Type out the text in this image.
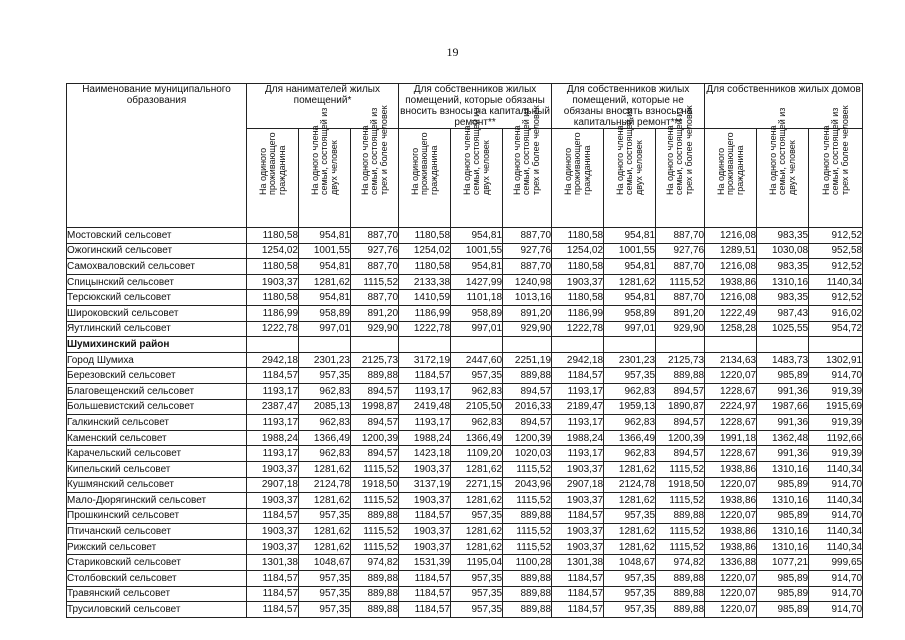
19
Наименование муниципального образования	Для нанимателей жилых помещений*			Для собственников жилых помещений, которые обязаны вносить взносы на капитальный ремонт**			Для собственников жилых помещений, которые не обязаны вносить взносы на капитальный ремонт***			Для собственников жилых домов		

	На одиного проживающего гражданина	На одного члена семьи, состоящей из двух человек	На одного члена семьи, состоящей из трех и более человек	На одиного проживающего гражданина	На одного члена семьи, состоящей из двух человек	На одного члена семьи, состоящей из трех и более человек	На одиного проживающего гражданина	На одного члена семьи, состоящей из двух человек	На одного члена семьи, состоящей из трех и более человек	На одиного проживающего гражданина	На одного члена семьи, состоящей из двух человек	На одного члена семьи, состоящей из трех и более человек

Мостовский сельсовет	1180,58	954,81	887,70	1180,58	954,81	887,70	1180,58	954,81	887,70	1216,08	983,35	912,52
Ожогинский сельсовет	1254,02	1001,55	927,76	1254,02	1001,55	927,76	1254,02	1001,55	927,76	1289,51	1030,08	952,58
Самохваловский сельсовет	1180,58	954,81	887,70	1180,58	954,81	887,70	1180,58	954,81	887,70	1216,08	983,35	912,52
Спицынский сельсовет	1903,37	1281,62	1115,52	2133,38	1427,99	1240,98	1903,37	1281,62	1115,52	1938,86	1310,16	1140,34
Терсюкский сельсовет	1180,58	954,81	887,70	1410,59	1101,18	1013,16	1180,58	954,81	887,70	1216,08	983,35	912,52
Широковский сельсовет	1186,99	958,89	891,20	1186,99	958,89	891,20	1186,99	958,89	891,20	1222,49	987,43	916,02
Яутлинский сельсовет	1222,78	997,01	929,90	1222,78	997,01	929,90	1222,78	997,01	929,90	1258,28	1025,55	954,72
Шумихинский район												
Город Шумиха	2942,18	2301,23	2125,73	3172,19	2447,60	2251,19	2942,18	2301,23	2125,73	2134,63	1483,73	1302,91
Березовский сельсовет	1184,57	957,35	889,88	1184,57	957,35	889,88	1184,57	957,35	889,88	1220,07	985,89	914,70
Благовещенский сельсовет	1193,17	962,83	894,57	1193,17	962,83	894,57	1193,17	962,83	894,57	1228,67	991,36	919,39
Большевистский сельсовет	2387,47	2085,13	1998,87	2419,48	2105,50	2016,33	2189,47	1959,13	1890,87	2224,97	1987,66	1915,69
Галкинский сельсовет	1193,17	962,83	894,57	1193,17	962,83	894,57	1193,17	962,83	894,57	1228,67	991,36	919,39
Каменский сельсовет	1988,24	1366,49	1200,39	1988,24	1366,49	1200,39	1988,24	1366,49	1200,39	1991,18	1362,48	1192,66
Карачельский сельсовет	1193,17	962,83	894,57	1423,18	1109,20	1020,03	1193,17	962,83	894,57	1228,67	991,36	919,39
Кипельский сельсовет	1903,37	1281,62	1115,52	1903,37	1281,62	1115,52	1903,37	1281,62	1115,52	1938,86	1310,16	1140,34
Кушмянский сельсовет	2907,18	2124,78	1918,50	3137,19	2271,15	2043,96	2907,18	2124,78	1918,50	1220,07	985,89	914,70
Мало-Дюрягинский сельсовет	1903,37	1281,62	1115,52	1903,37	1281,62	1115,52	1903,37	1281,62	1115,52	1938,86	1310,16	1140,34
Прошкинский сельсовет	1184,57	957,35	889,88	1184,57	957,35	889,88	1184,57	957,35	889,88	1220,07	985,89	914,70
Птичанский сельсовет	1903,37	1281,62	1115,52	1903,37	1281,62	1115,52	1903,37	1281,62	1115,52	1938,86	1310,16	1140,34
Рижский сельсовет	1903,37	1281,62	1115,52	1903,37	1281,62	1115,52	1903,37	1281,62	1115,52	1938,86	1310,16	1140,34
Стариковский сельсовет	1301,38	1048,67	974,82	1531,39	1195,04	1100,28	1301,38	1048,67	974,82	1336,88	1077,21	999,65
Столбовский сельсовет	1184,57	957,35	889,88	1184,57	957,35	889,88	1184,57	957,35	889,88	1220,07	985,89	914,70
Травянский сельсовет	1184,57	957,35	889,88	1184,57	957,35	889,88	1184,57	957,35	889,88	1220,07	985,89	914,70
Трусиловский сельсовет	1184,57	957,35	889,88	1184,57	957,35	889,88	1184,57	957,35	889,88	1220,07	985,89	914,70
